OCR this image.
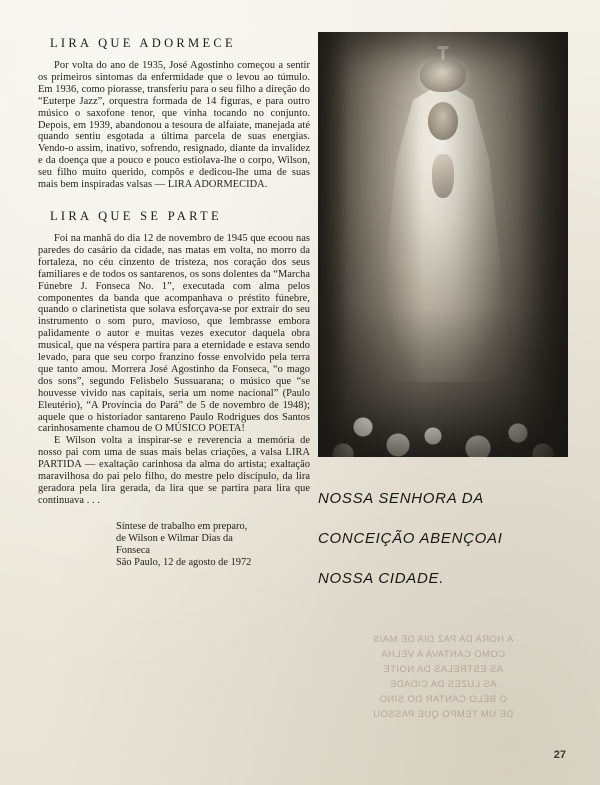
LIRA QUE ADORMECE

Por volta do ano de 1935, José Agostinho começou a sentir os primeiros sintomas da enfermidade que o levou ao túmulo. Em 1936, como piorasse, transferiu para o seu filho a direção do “Euterpe Jazz”, orquestra formada de 14 figuras, e para outro músico o saxofone tenor, que vinha tocando no conjunto. Depois, em 1939, abandonou a tesoura de alfaiate, manejada até quando sentiu esgotada a última parcela de suas energias. Vendo-o assim, inativo, sofrendo, resignado, diante da invalidez e da doença que a pouco e pouco estiolava-lhe o corpo, Wilson, seu filho muito querido, compôs e dedicou-lhe uma de suas mais bem inspiradas valsas — LIRA ADORMECIDA.

LIRA QUE SE PARTE

Foi na manhã do dia 12 de novembro de 1945 que ecoou nas paredes do casário da cidade, nas matas em volta, no morro da fortaleza, no céu cinzento de tristeza, nos coração dos seus familiares e de todos os santarenos, os sons dolentes da “Marcha Fúnebre J. Fonseca No. 1”, executada com alma pelos componentes da banda que acompanhava o préstito fúnebre, quando o clarinetista que solava esforçava-se por extrair do seu instrumento o som puro, mavioso, que lembrasse embora palidamente o autor e muitas vezes executor daquela obra musical, que na véspera partira para a eternidade e estava sendo levado, para que seu corpo franzino fosse envolvido pela terra que tanto amou. Morrera José Agostinho da Fonseca, “o mago dos sons”, segundo Felisbelo Sussuarana; o músico que “se houvesse vivido nas capitais, seria um nome nacional” (Paulo Eleutério), “A Província do Pará” de 5 de novembro de 1948); aquele que o historiador santareno Paulo Rodrigues dos Santos carinhosamente chamou de O MÚSICO POETA!

E Wilson volta a inspirar-se e reverencia a memória de nosso pai com uma de suas mais belas criações, a valsa LIRA PARTIDA — exaltação carinhosa da alma do artista; exaltação maravilhosa do pai pelo filho, do mestre pelo discípulo, da lira geradora pela lira gerada, da lira que se partira para lira que continuava . . .

Síntese de trabalho em preparo,
de Wilson e Wilmar Dias da
Fonseca
São Paulo, 12 de agosto de 1972
NOSSA SENHORA DA
CONCEIÇÃO ABENÇOAI
NOSSA CIDADE.
A HORA DA PAZ DIA DE MAIS
COMO CANTAVA A VELHA
AS ESTRELAS DA NOITE
AS LUZES DA CIDADE
O BELO CANTAR DO SINO
DE UM TEMPO QUE PASSOU
27
